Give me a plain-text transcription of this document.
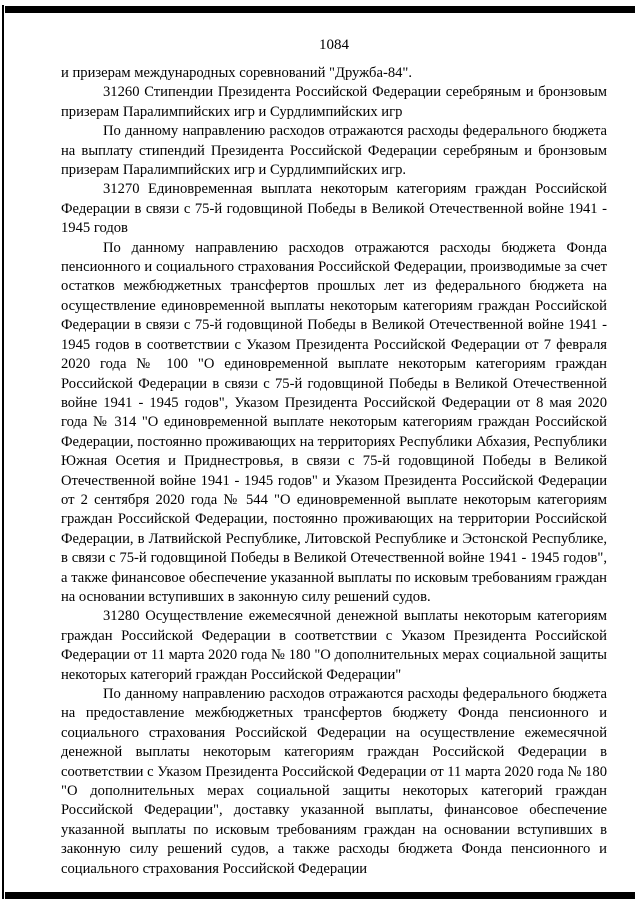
1084

и призерам международных соревнований "Дружба-84".

31260 Стипендии Президента Российской Федерации серебряным и бронзовым призерам Паралимпийских игр и Сурдлимпийских игр

По данному направлению расходов отражаются расходы федерального бюджета на выплату стипендий Президента Российской Федерации серебряным и бронзовым призерам Паралимпийских игр и Сурдлимпийских игр.

31270 Единовременная выплата некоторым категориям граждан Российской Федерации в связи с 75-й годовщиной Победы в Великой Отечественной войне 1941 - 1945 годов

По данному направлению расходов отражаются расходы бюджета Фонда пенсионного и социального страхования Российской Федерации, производимые за счет остатков межбюджетных трансфертов прошлых лет из федерального бюджета на осуществление единовременной выплаты некоторым категориям граждан Российской Федерации в связи с 75-й годовщиной Победы в Великой Отечественной войне 1941 - 1945 годов в соответствии с Указом Президента Российской Федерации от 7 февраля 2020 года № 100 "О единовременной выплате некоторым категориям граждан Российской Федерации в связи с 75-й годовщиной Победы в Великой Отечественной войне 1941 - 1945 годов", Указом Президента Российской Федерации от 8 мая 2020 года № 314 "О единовременной выплате некоторым категориям граждан Российской Федерации, постоянно проживающих на территориях Республики Абхазия, Республики Южная Осетия и Приднестровья, в связи с 75-й годовщиной Победы в Великой Отечественной войне 1941 - 1945 годов" и Указом Президента Российской Федерации от 2 сентября 2020 года № 544 "О единовременной выплате некоторым категориям граждан Российской Федерации, постоянно проживающих на территории Российской Федерации, в Латвийской Республике, Литовской Республике и Эстонской Республике, в связи с 75-й годовщиной Победы в Великой Отечественной войне 1941 - 1945 годов", а также финансовое обеспечение указанной выплаты по исковым требованиям граждан на основании вступивших в законную силу решений судов.

31280 Осуществление ежемесячной денежной выплаты некоторым категориям граждан Российской Федерации в соответствии с Указом Президента Российской Федерации от 11 марта 2020 года № 180 "О дополнительных мерах социальной защиты некоторых категорий граждан Российской Федерации"

По данному направлению расходов отражаются расходы федерального бюджета на предоставление межбюджетных трансфертов бюджету Фонда пенсионного и социального страхования Российской Федерации на осуществление ежемесячной денежной выплаты некоторым категориям граждан Российской Федерации в соответствии с Указом Президента Российской Федерации от 11 марта 2020 года № 180 "О дополнительных мерах социальной защиты некоторых категорий граждан Российской Федерации", доставку указанной выплаты, финансовое обеспечение указанной выплаты по исковым требованиям граждан на основании вступивших в законную силу решений судов, а также расходы бюджета Фонда пенсионного и социального страхования Российской Федерации
